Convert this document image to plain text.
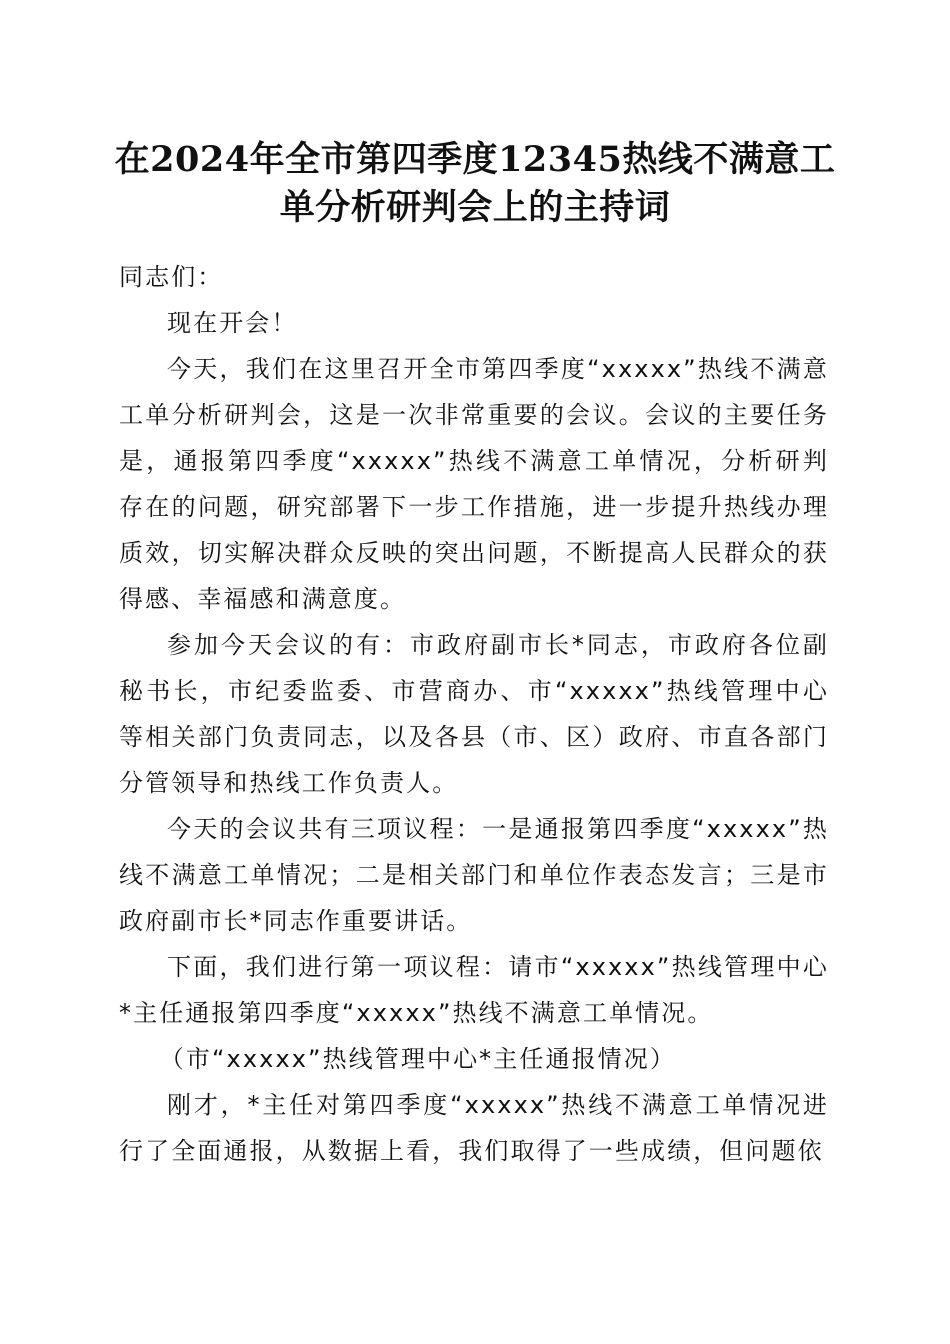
在2024年全市第四季度12345热线不满意工
单分析研判会上的主持词

同志们：

现在开会！

今天，我们在这里召开全市第四季度“xxxxx”热线不满意工单分析研判会，这是一次非常重要的会议。会议的主要任务是，通报第四季度“xxxxx”热线不满意工单情况，分析研判存在的问题，研究部署下一步工作措施，进一步提升热线办理质效，切实解决群众反映的突出问题，不断提高人民群众的获得感、幸福感和满意度。

参加今天会议的有：市政府副市长*同志，市政府各位副秘书长，市纪委监委、市营商办、市“xxxxx”热线管理中心等相关部门负责同志，以及各县（市、区）政府、市直各部门分管领导和热线工作负责人。

今天的会议共有三项议程：一是通报第四季度“xxxxx”热线不满意工单情况；二是相关部门和单位作表态发言；三是市政府副市长*同志作重要讲话。

下面，我们进行第一项议程：请市“xxxxx”热线管理中心*主任通报第四季度“xxxxx”热线不满意工单情况。

（市“xxxxx”热线管理中心*主任通报情况）

刚才，*主任对第四季度“xxxxx”热线不满意工单情况进行了全面通报，从数据上看，我们取得了一些成绩，但问题依
